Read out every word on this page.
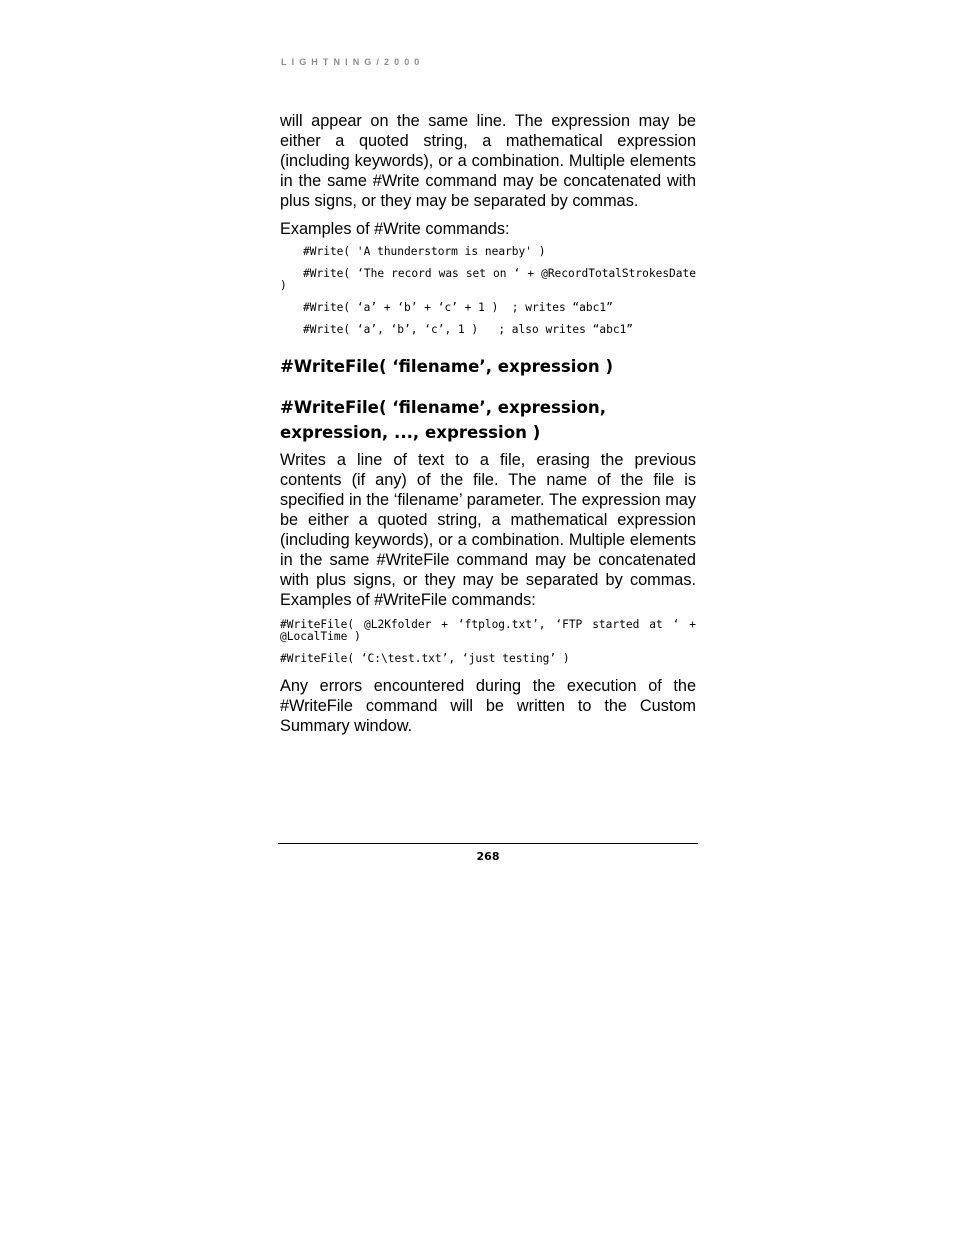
LIGHTNING/2000

will appear on the same line. The expression may be either a quoted string, a mathematical expression (including keywords), or a combination. Multiple elements in the same #Write command may be concatenated with plus signs, or they may be separated by commas.

Examples of #Write commands:

#Write( 'A thunderstorm is nearby' )
#Write( ‘The record was set on ‘ + @RecordTotalStrokesDate )
#Write( ‘a’ + ‘b’ + ‘c’ + 1 )  ; writes “abc1”
#Write( ‘a’, ‘b’, ‘c’, 1 )   ; also writes “abc1”
#WriteFile( ‘filename’, expression )
#WriteFile( ‘filename’, expression,
expression, ..., expression )

Writes a line of text to a file, erasing the previous contents (if any) of the file. The name of the file is specified in the ‘filename’ parameter. The expression may be either a quoted string, a mathematical expression (including keywords), or a combination. Multiple elements in the same #WriteFile command may be concatenated with plus signs, or they may be separated by commas. Examples of #WriteFile commands:

#WriteFile( @L2Kfolder + ‘ftplog.txt’, ‘FTP started at ‘ + @LocalTime )
#WriteFile( ‘C:\test.txt’, ‘just testing’ )

Any errors encountered during the execution of the #WriteFile command will be written to the Custom Summary window.

268
